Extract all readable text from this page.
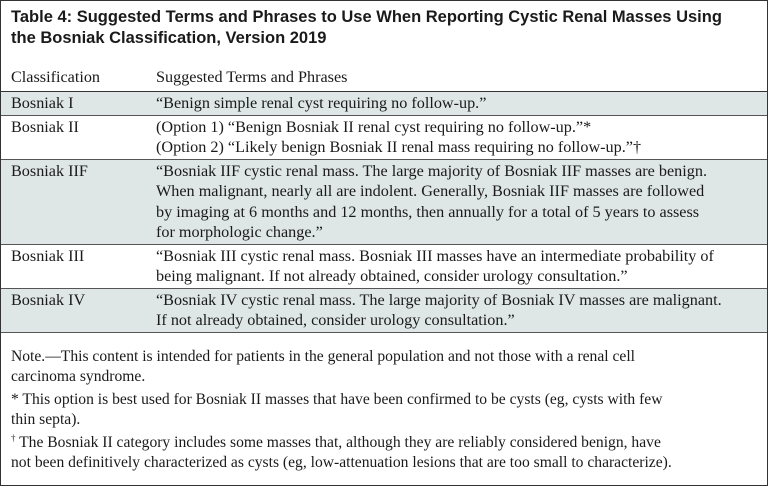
Table 4: Suggested Terms and Phrases to Use When Reporting Cystic Renal Masses Using
the Bosniak Classification, Version 2019
Classification	Suggested Terms and Phrases
Bosniak I	“Benign simple renal cyst requiring no follow-up.”
Bosniak II	(Option 1) “Benign Bosniak II renal cyst requiring no follow-up.”*
(Option 2) “Likely benign Bosniak II renal mass requiring no follow-up.”†
Bosniak IIF	“Bosniak IIF cystic renal mass. The large majority of Bosniak IIF masses are benign.
When malignant, nearly all are indolent. Generally, Bosniak IIF masses are followed
by imaging at 6 months and 12 months, then annually for a total of 5 years to assess
for morphologic change.”
Bosniak III	“Bosniak III cystic renal mass. Bosniak III masses have an intermediate probability of
being malignant. If not already obtained, consider urology consultation.”
Bosniak IV	“Bosniak IV cystic renal mass. The large majority of Bosniak IV masses are malignant.
If not already obtained, consider urology consultation.”

Note.—This content is intended for patients in the general population and not those with a renal cell
carcinoma syndrome.

* This option is best used for Bosniak II masses that have been confirmed to be cysts (eg, cysts with few
thin septa).

† The Bosniak II category includes some masses that, although they are reliably considered benign, have
not been definitively characterized as cysts (eg, low-attenuation lesions that are too small to characterize).
